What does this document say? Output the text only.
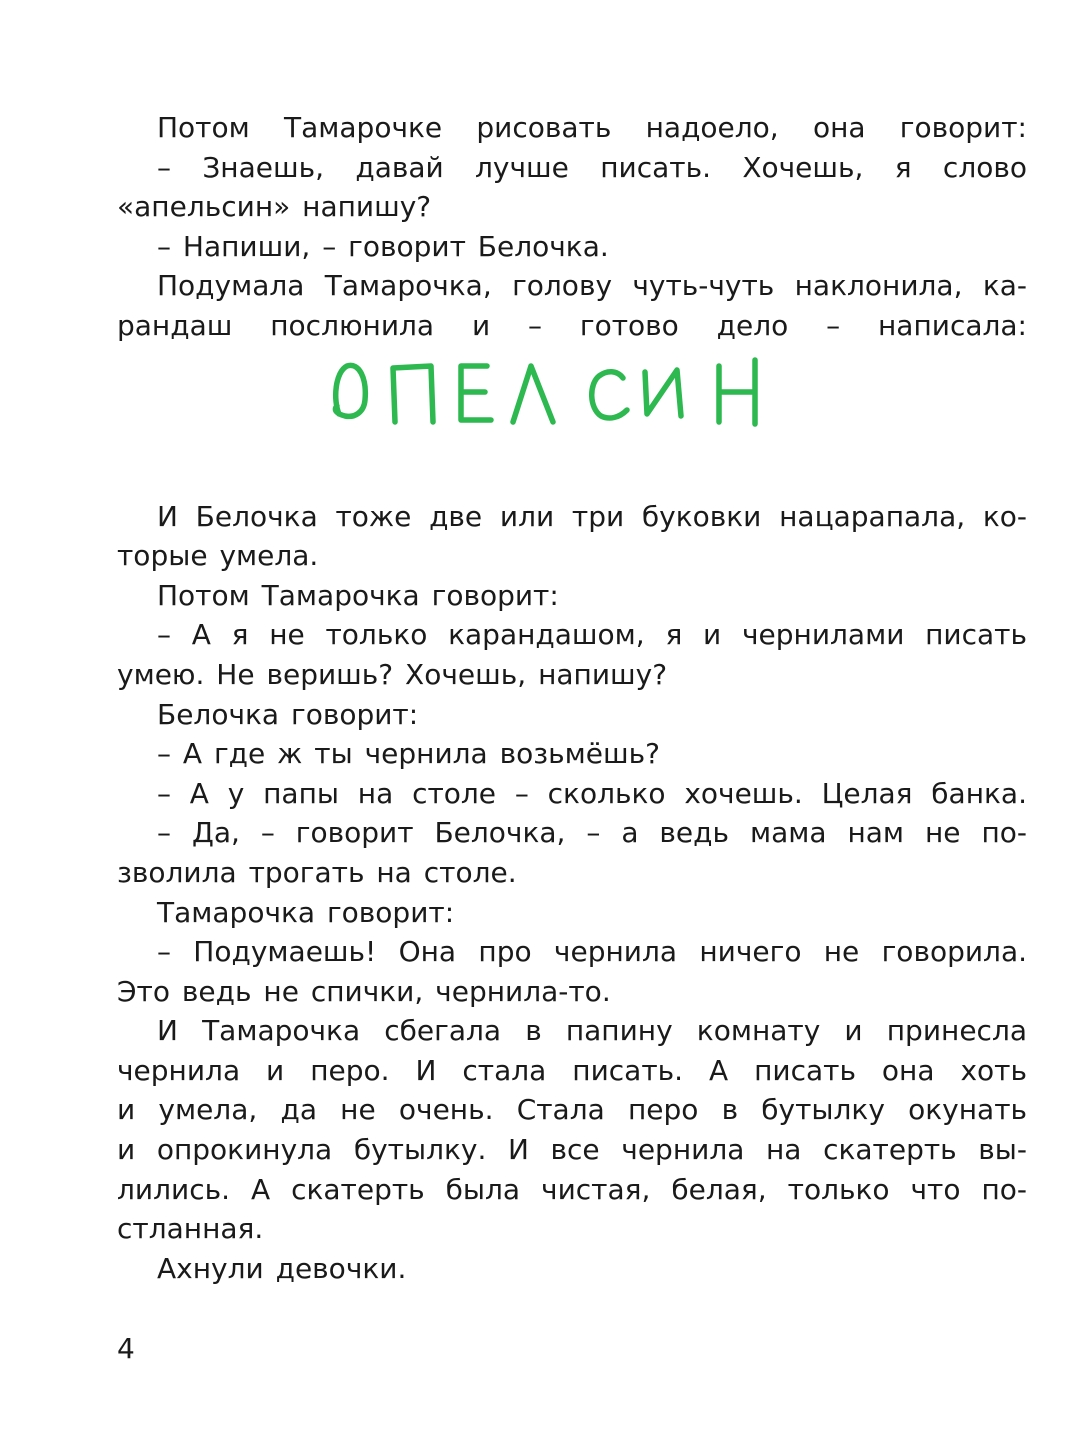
Потом Тамарочке рисовать надоело, она говорит:
– Знаешь, давай лучше писать. Хочешь, я слово
«апельсин» напишу?
– Напиши, – говорит Белочка.
Подумала Тамарочка, голову чуть-чуть наклонила, ка-
рандаш послюнила и – готово дело – написала:
И Белочка тоже две или три буковки нацарапала, ко-
торые умела.
Потом Тамарочка говорит:
– А я не только карандашом, я и чернилами писать
умею. Не веришь? Хочешь, напишу?
Белочка говорит:
– А где ж ты чернила возьмёшь?
– А у папы на столе – сколько хочешь. Целая банка.
– Да, – говорит Белочка, – а ведь мама нам не по-
зволила трогать на столе.
Тамарочка говорит:
– Подумаешь! Она про чернила ничего не говорила.
Это ведь не спички, чернила-то.
И Тамарочка сбегала в папину комнату и принесла
чернила и перо. И стала писать. А писать она хоть
и умела, да не очень. Стала перо в бутылку окунать
и опрокинула бутылку. И все чернила на скатерть вы-
лились. А скатерть была чистая, белая, только что по-
стланная.
Ахнули девочки.
4
